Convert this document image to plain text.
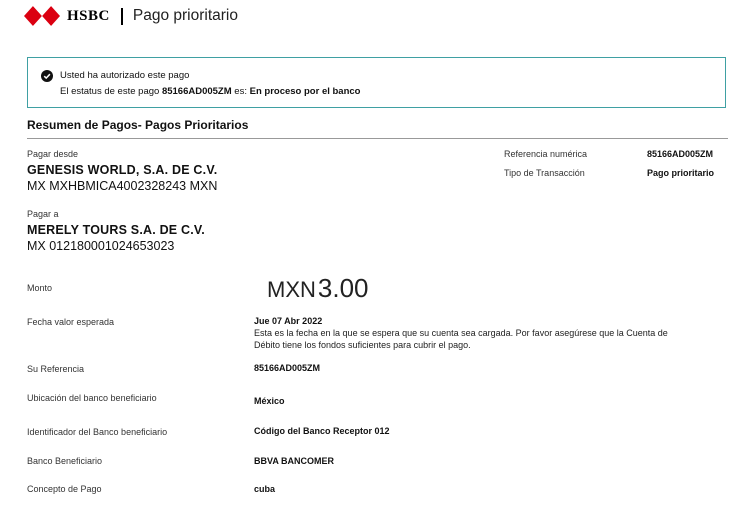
HSBC Pago prioritario
Usted ha autorizado este pago
El estatus de este pago 85166AD005ZM es: En proceso por el banco
Resumen de Pagos- Pagos Prioritarios
Pagar desde
GENESIS WORLD, S.A. DE C.V.
MX MXHBMICA4002328243 MXN
Referencia numérica	85166AD005ZM
Tipo de Transacción	Pago prioritario
Pagar a
MERELY TOURS S.A. DE C.V.
MX 012180001024653023
Monto	MXN3.00
Fecha valor esperada	Jue 07 Abr 2022
Esta es la fecha en la que se espera que su cuenta sea cargada. Por favor asegúrese que la Cuenta de
Débito tiene los fondos suficientes para cubrir el pago.
Su Referencia	85166AD005ZM
Ubicación del banco beneficiario	México
Identificador del Banco beneficiario	Código del Banco Receptor 012
Banco Beneficiario	BBVA BANCOMER
Concepto de Pago	cuba
